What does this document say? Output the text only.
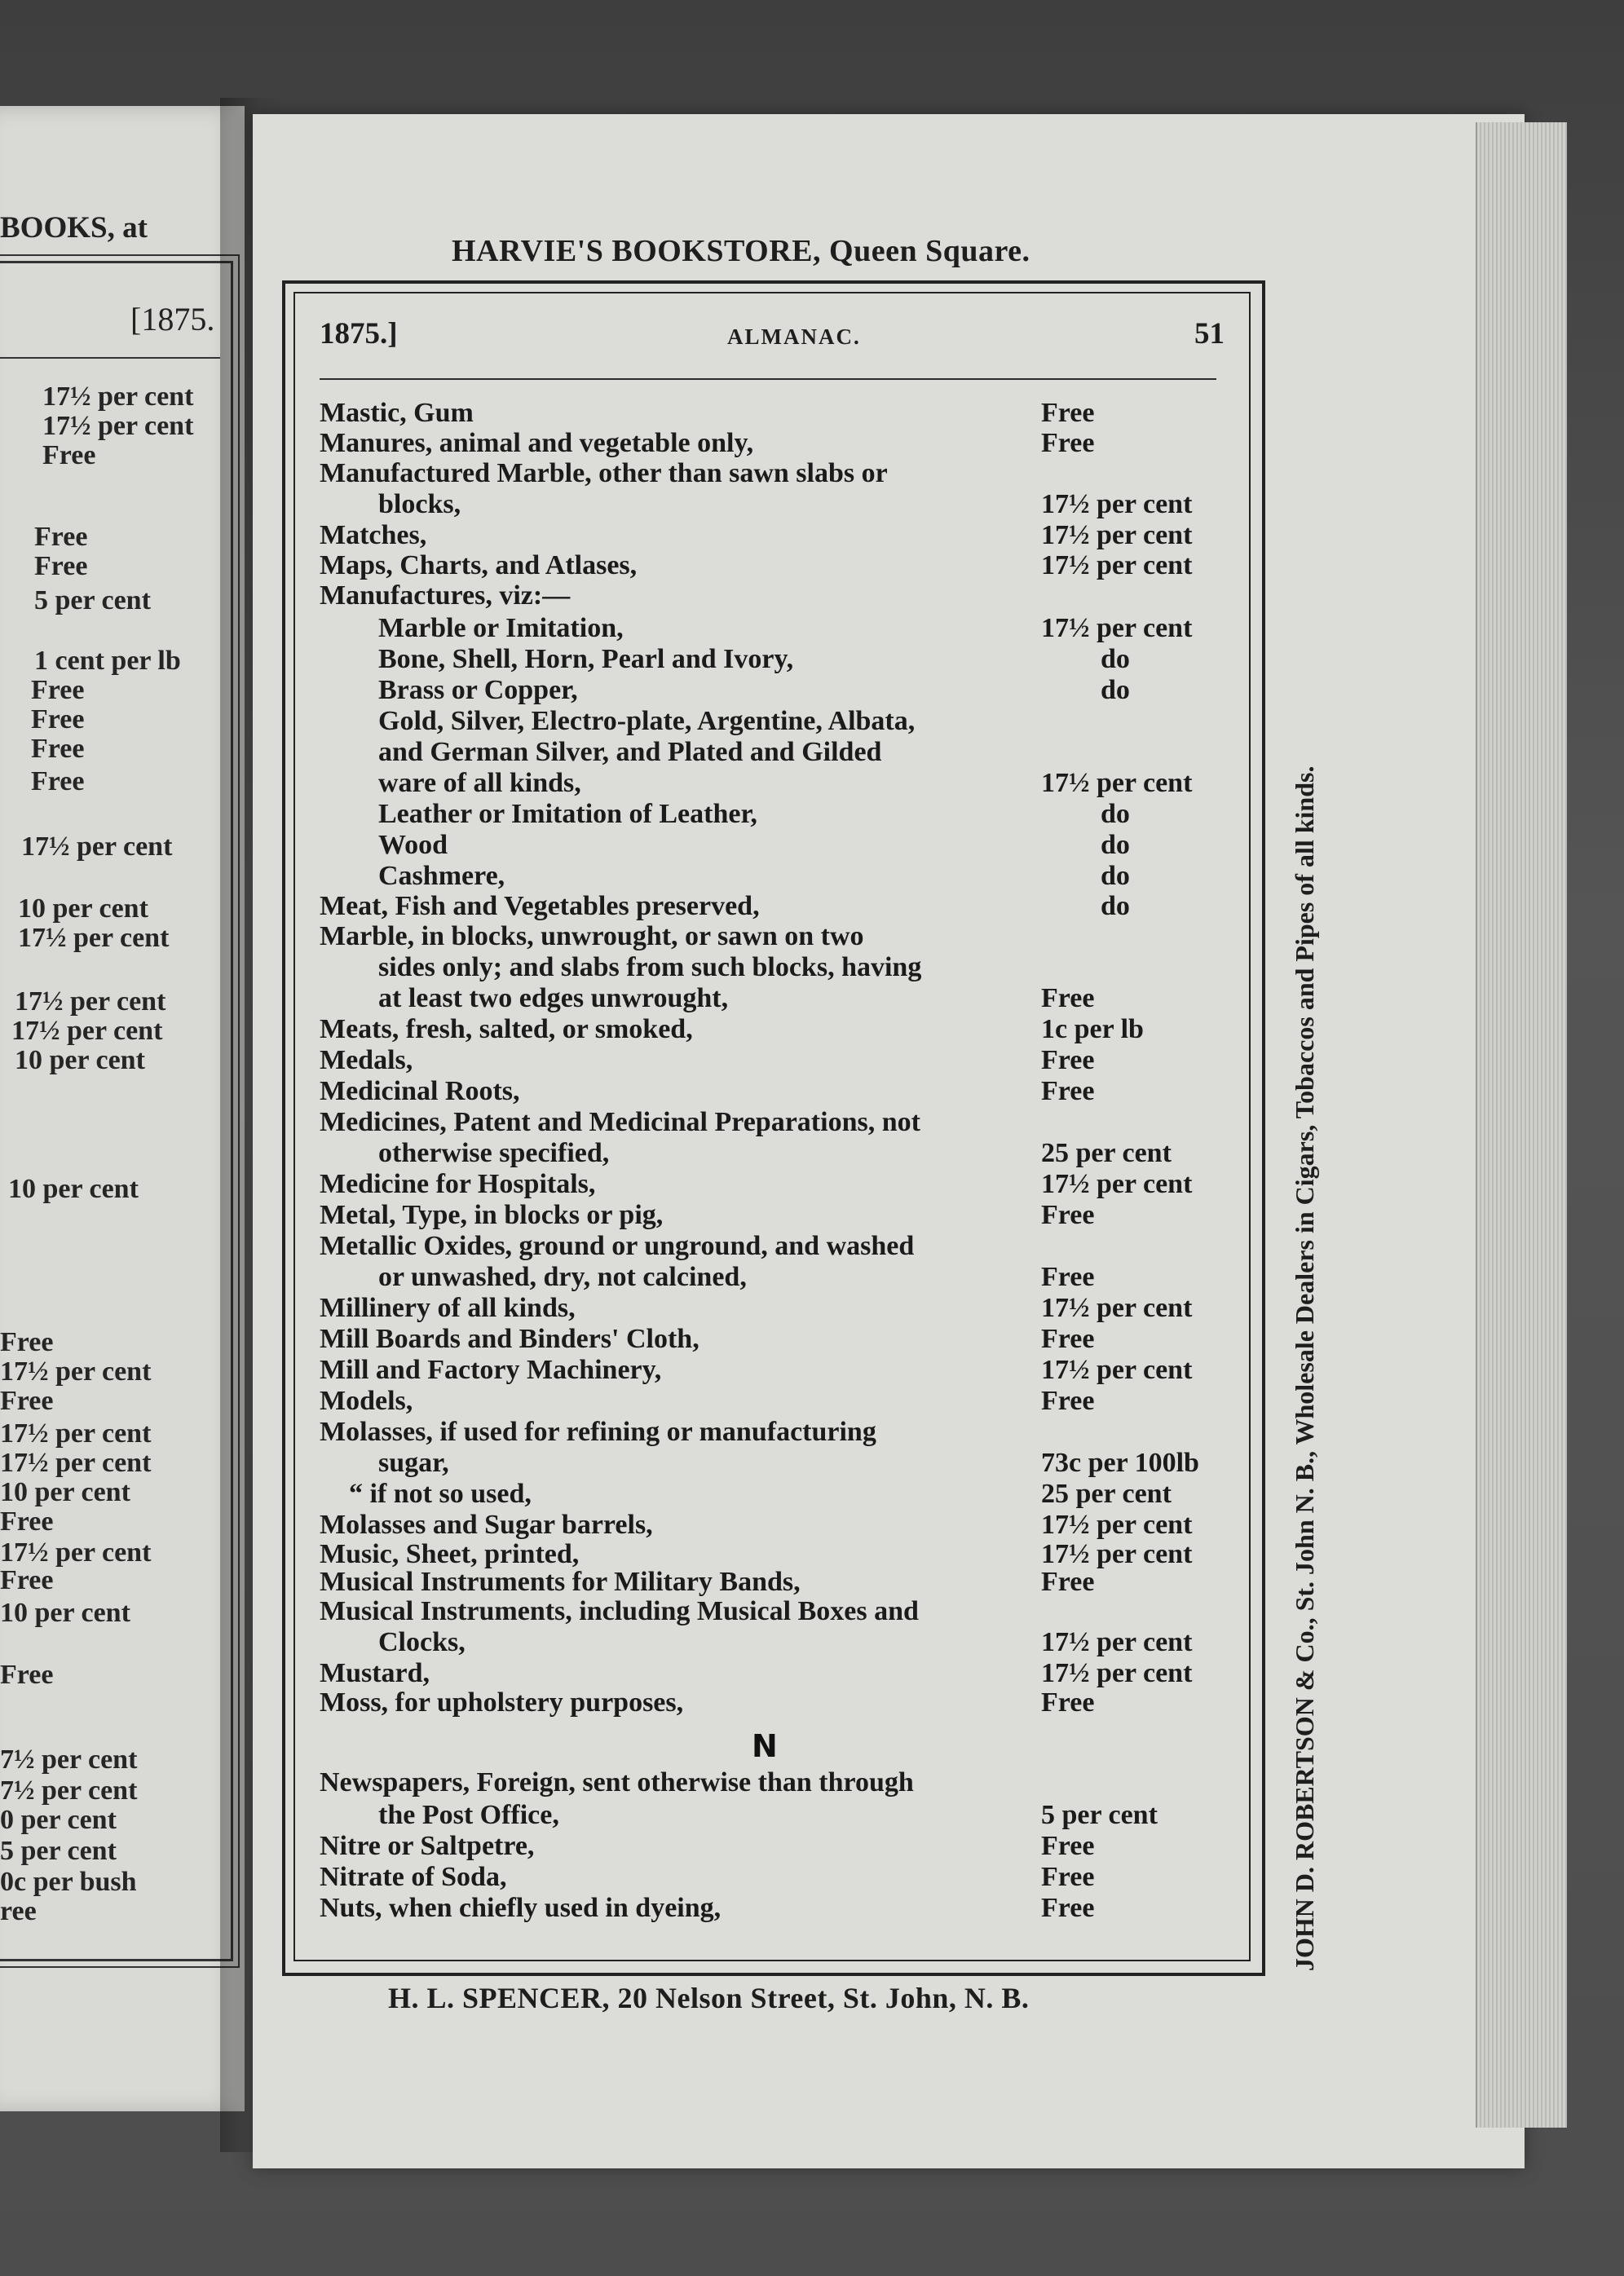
BOOKS, at
[1875.
17½ per cent
17½ per cent
Free
Free
Free
5 per cent
1 cent per lb
Free
Free
Free
Free
17½ per cent
10 per cent
17½ per cent
17½ per cent
17½ per cent
10 per cent
10 per cent
Free
17½ per cent
Free
17½ per cent
17½ per cent
10 per cent
Free
17½ per cent
Free
10 per cent
Free
7½ per cent
7½ per cent
0 per cent
5 per cent
0c per bush
ree
HARVIE'S BOOKSTORE, Queen Square.
1875.]	ALMANAC.	51
Mastic, Gum	Free
Manures, animal and vegetable only,	Free
Manufactured Marble, other than sawn slabs or
blocks,	17½ per cent
Matches,	17½ per cent
Maps, Charts, and Atlases,	17½ per cent
Manufactures, viz:—
Marble or Imitation,	17½ per cent
Bone, Shell, Horn, Pearl and Ivory,	do
Brass or Copper,	do
Gold, Silver, Electro-plate, Argentine, Albata,
and German Silver, and Plated and Gilded
ware of all kinds,	17½ per cent
Leather or Imitation of Leather,	do
Wood	do
Cashmere,	do
Meat, Fish and Vegetables preserved,	do
Marble, in blocks, unwrought, or sawn on two
sides only; and slabs from such blocks, having
at least two edges unwrought,	Free
Meats, fresh, salted, or smoked,	1c per lb
Medals,	Free
Medicinal Roots,	Free
Medicines, Patent and Medicinal Preparations, not
otherwise specified,	25 per cent
Medicine for Hospitals,	17½ per cent
Metal, Type, in blocks or pig,	Free
Metallic Oxides, ground or unground, and washed
or unwashed, dry, not calcined,	Free
Millinery of all kinds,	17½ per cent
Mill Boards and Binders' Cloth,	Free
Mill and Factory Machinery,	17½ per cent
Models,	Free
Molasses, if used for refining or manufacturing
sugar,	73c per 100lb
“ if not so used,	25 per cent
Molasses and Sugar barrels,	17½ per cent
Music, Sheet, printed,	17½ per cent
Musical Instruments for Military Bands,	Free
Musical Instruments, including Musical Boxes and
Clocks,	17½ per cent
Mustard,	17½ per cent
Moss, for upholstery purposes,	Free
Newspapers, Foreign, sent otherwise than through
the Post Office,	5 per cent
Nitre or Saltpetre,	Free
Nitrate of Soda,	Free
Nuts, when chiefly used in dyeing,	Free
N
H. L. SPENCER, 20 Nelson Street, St. John, N. B.
JOHN D. ROBERTSON & Co., St. John N. B., Wholesale Dealers in Cigars, Tobaccos and Pipes of all kinds.
